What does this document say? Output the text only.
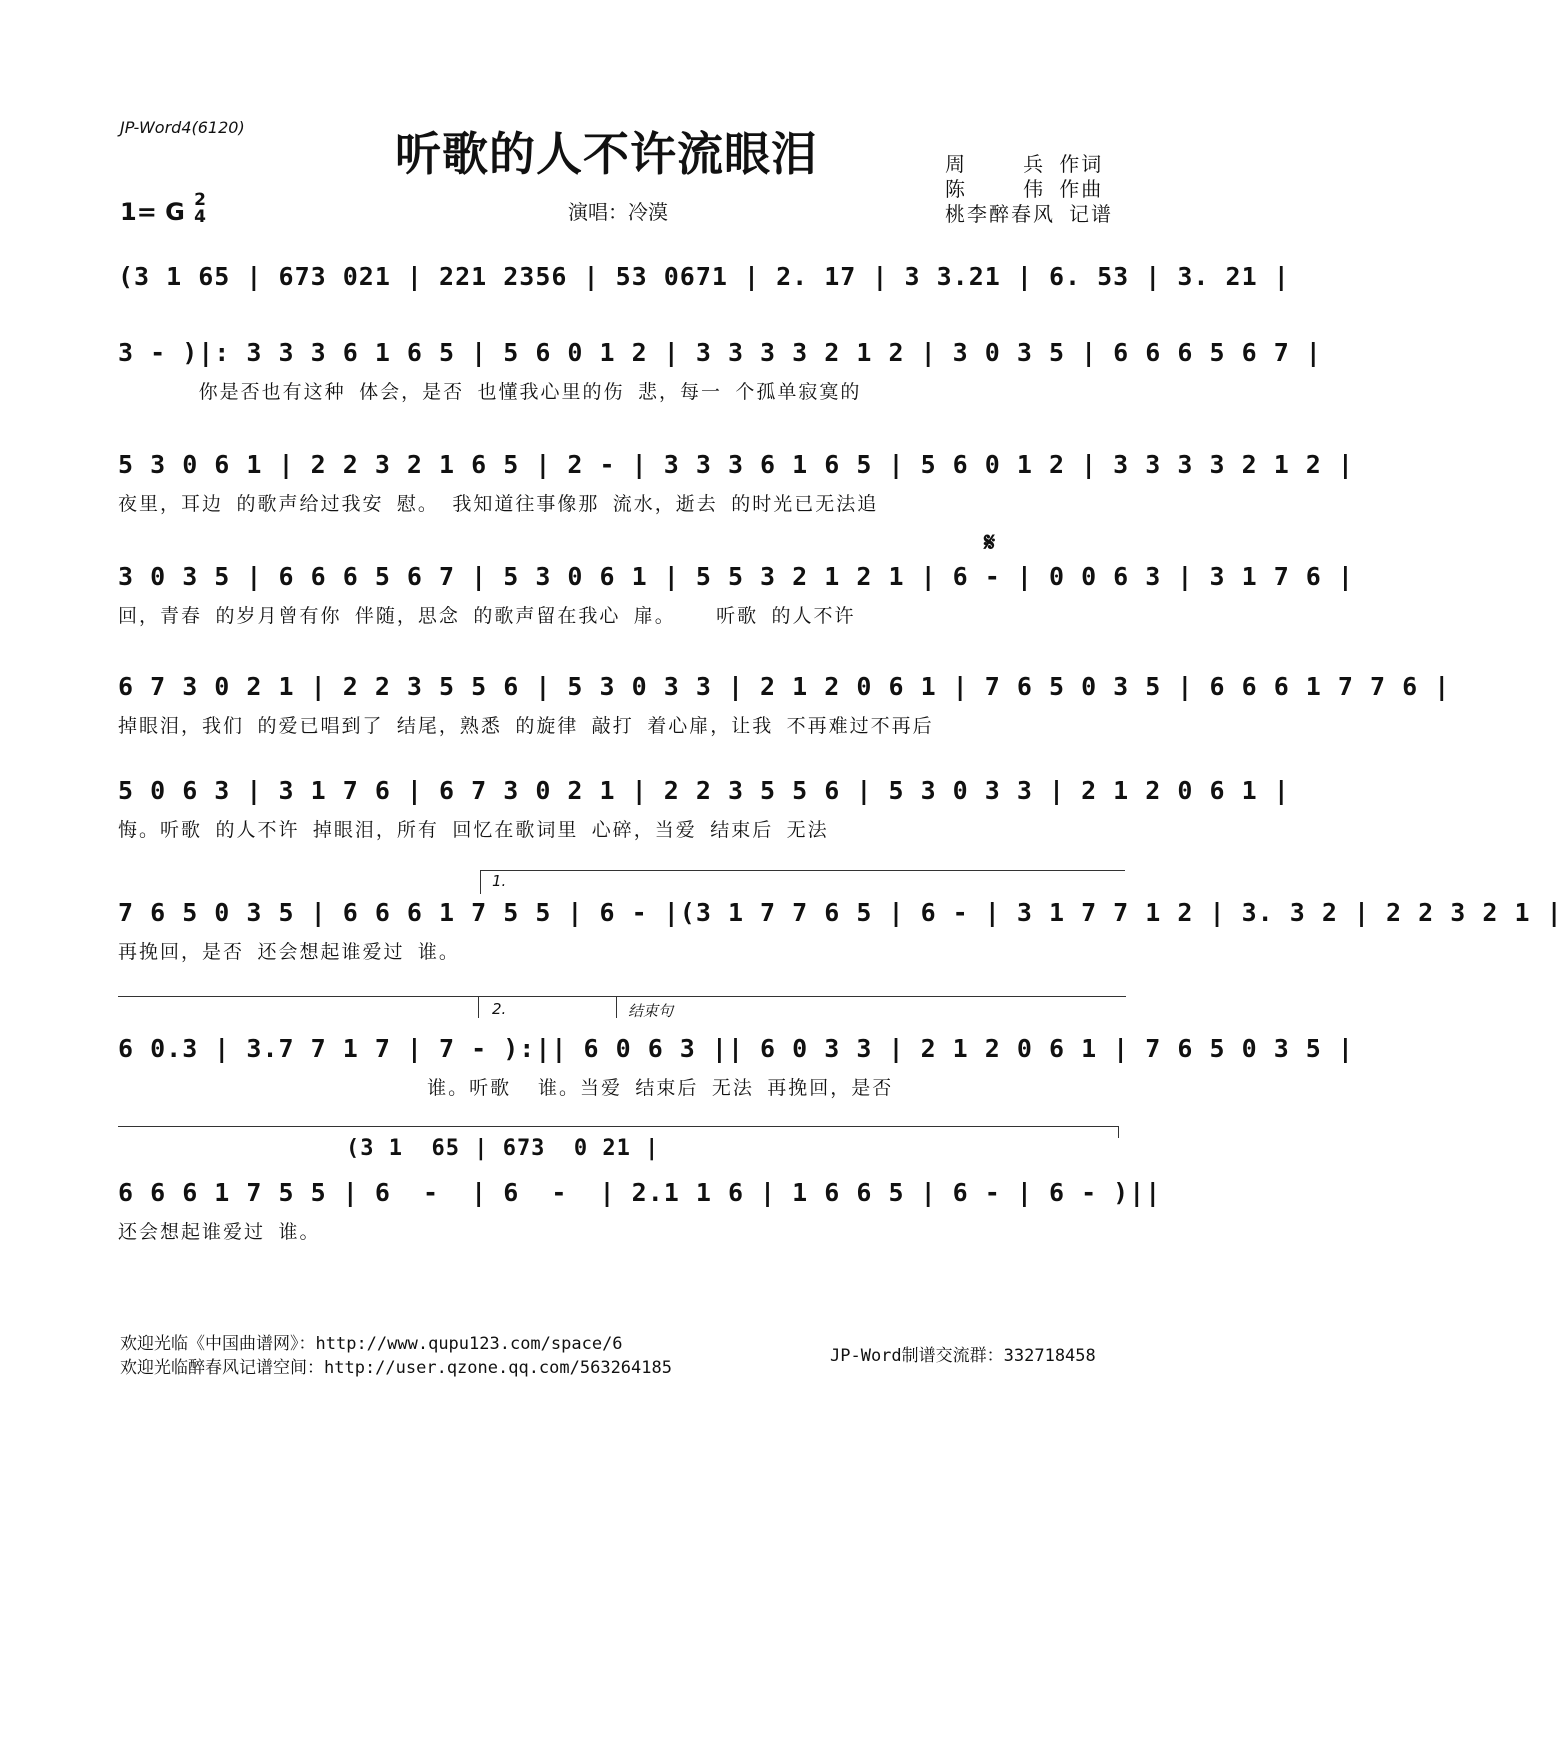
JP-Word4(6120)	听歌的人不许流眼泪	周    兵 作词
陈    伟 作曲
桃李醉春风 记谱
1= G 2
4	演唱：冷漠
(3 1 65 | 673 021 | 221 2356 | 53 0671 | 2. 17 | 3 3.21 | 6. 53 | 3. 21 |
3 - )|: 3 3 3 6 1 6 5 | 5 6 0 1 2 | 3 3 3 3 2 1 2 | 3 0 3 5 | 6 6 6 5 6 7 |
你是否也有这种 体会，是否 也懂我心里的伤 悲，每一 个孤单寂寞的
5 3 0 6 1 | 2 2 3 2 1 6 5 | 2 - | 3 3 3 6 1 6 5 | 5 6 0 1 2 | 3 3 3 3 2 1 2 |
夜里，耳边 的歌声给过我安 慰。 我知道往事像那 流水，逝去 的时光已无法追
𝄋
3 0 3 5 | 6 6 6 5 6 7 | 5 3 0 6 1 | 5 5 3 2 1 2 1 | 6 - | 0 0 6 3 | 3 1 7 6 |
回，青春 的岁月曾有你 伴随，思念 的歌声留在我心 扉。   听歌 的人不许
6 7 3 0 2 1 | 2 2 3 5 5 6 | 5 3 0 3 3 | 2 1 2 0 6 1 | 7 6 5 0 3 5 | 6 6 6 1 7 7 6 |
掉眼泪，我们 的爱已唱到了 结尾，熟悉 的旋律 敲打 着心扉，让我 不再难过不再后
5 0 6 3 | 3 1 7 6 | 6 7 3 0 2 1 | 2 2 3 5 5 6 | 5 3 0 3 3 | 2 1 2 0 6 1 |
悔。听歌 的人不许 掉眼泪，所有 回忆在歌词里 心碎，当爱 结束后 无法
1.
7 6 5 0 3 5 | 6 6 6 1 7 5 5 | 6 - |(3 1 7 7 6 5 | 6 - | 3 1 7 7 1 2 | 3. 3 2 | 2 2 3 2 1 |
再挽回，是否 还会想起谁爱过 谁。
2.	结束句
6 0.3 | 3.7 7 1 7 | 7 - ):|| 6 0 6 3 || 6 0 3 3 | 2 1 2 0 6 1 | 7 6 5 0 3 5 |
谁。听歌  谁。当爱 结束后 无法 再挽回，是否
(3 1  65 | 673  0 21 |
6 6 6 1 7 5 5 | 6  -  | 6  -  | 2.1 1 6 | 1 6 6 5 | 6 - | 6 - )||
还会想起谁爱过 谁。
欢迎光临《中国曲谱网》：http://www.qupu123.com/space/6
欢迎光临醉春风记谱空间：http://user.qzone.qq.com/563264185
JP-Word制谱交流群：332718458
